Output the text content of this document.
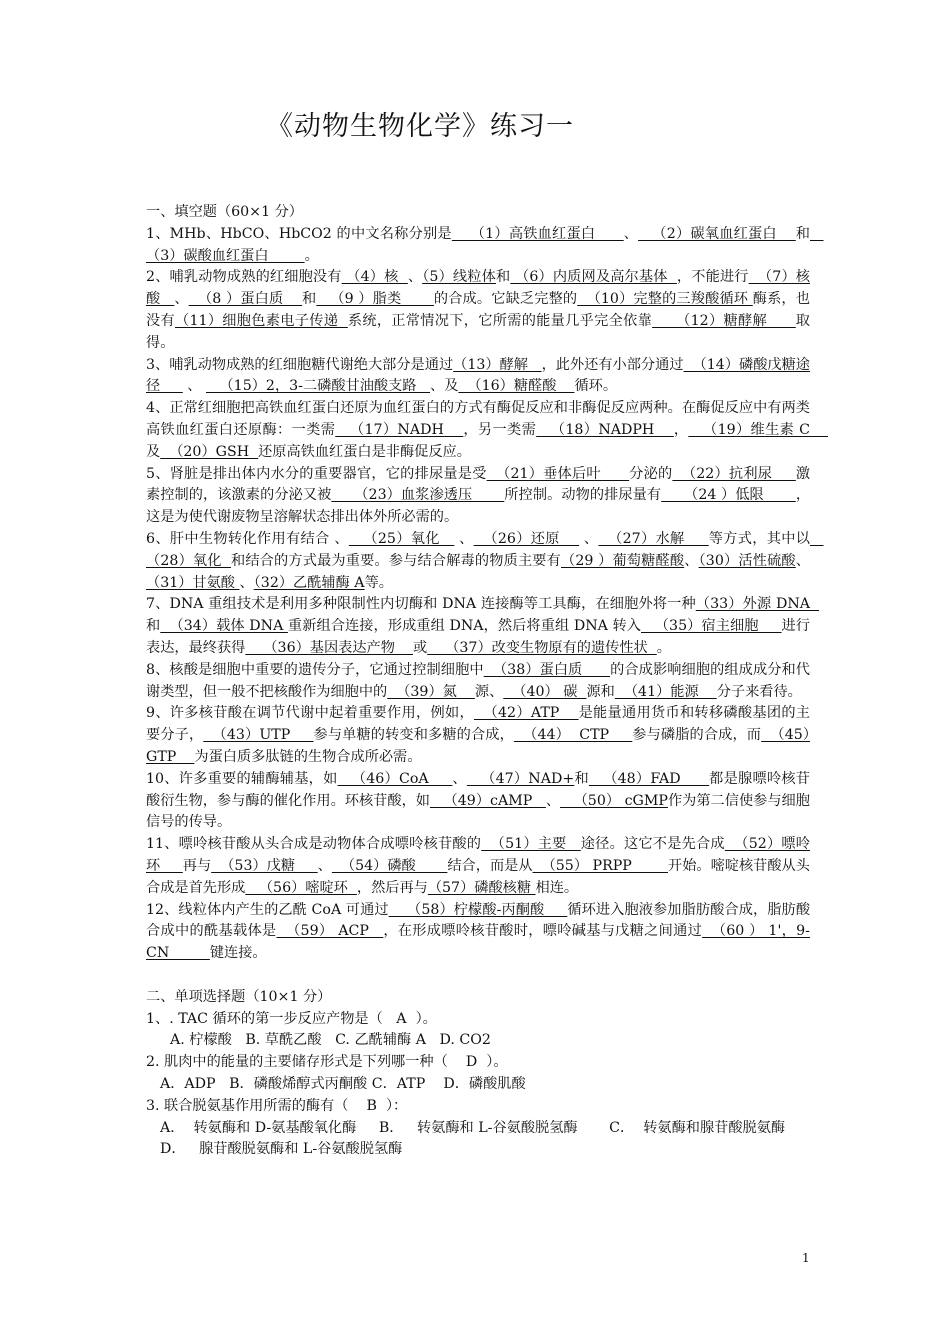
《动物生物化学》练习一

一、填空题（60×1 分）

1、MHb、HbCO、HbCO2 的中文名称分别是    （1）高铁血红蛋白      、   （2）碳氧血红蛋白    和   （3）碳酸血红蛋白        。

2、哺乳动物成熟的红细胞没有 （4）核  、（5）线粒体和 （6）内质网及高尔基体  ，不能进行  （7）核酸   、  （8 ）蛋白质    和   （9 ）脂类       的合成。它缺乏完整的  （10）完整的三羧酸循环 酶系，也没有（11）细胞色素电子传递  系统，正常情况下，它所需的能量几乎完全依靠     （12）糖酵解      取得。

3、哺乳动物成熟的红细胞糖代谢绝大部分是通过（13）酵解   ，此外还有小部分通过  （14）磷酸戊糖途径      、    （15）2，3-二磷酸甘油酸支路   、及  （16）糖醛酸    循环。

4、正常红细胞把高铁血红蛋白还原为血红蛋白的方式有酶促反应和非酶促反应两种。在酶促反应中有两类高铁血红蛋白还原酶：一类需   （17）NADH    ，另一类需   （18）NADPH    ，   （19）维生素 C    及  （20）GSH  还原高铁血红蛋白是非酶促反应。

5、肾脏是排出体内水分的重要器官，它的排尿量是受  （21）垂体后叶      分泌的  （22）抗利尿     激素控制的，该激素的分泌又被     （23）血浆渗透压       所控制。动物的排尿量有     （24 ）低限       ，这是为使代谢废物呈溶解状态排出体外所必需的。

6、肝中生物转化作用有结合 、   （25）氧化    、  （26）还原     、  （27）水解     等方式，其中以   （28）氧化  和结合的方式最为重要。参与结合解毒的物质主要有（29 ）葡萄糖醛酸、（30）活性硫酸、（31）甘氨酸 、（32）乙酰辅酶 A等。

7、DNA 重组技术是利用多种限制性内切酶和 DNA 连接酶等工具酶，在细胞外将一种（33）外源 DNA  和  （34）载体 DNA 重新组合连接，形成重组 DNA，然后将重组 DNA 转入   （35）宿主细胞     进行表达，最终获得    （36）基因表达产物    或    （37）改变生物原有的遗传性状  。

8、核酸是细胞中重要的遗传分子，它通过控制细胞中  （38）蛋白质      的合成影响细胞的组成成分和代谢类型，但一般不把核酸作为细胞中的  （39）氮    源、  （40） 碳  源和  （41）能源    分子来看待。

9、许多核苷酸在调节代谢中起着重要作用，例如，  （42）ATP    是能量通用货币和转移磷酸基团的主要分子，  （43）UTP     参与单糖的转变和多糖的合成，  （44）  CTP     参与磷脂的合成，而  （45）GTP    为蛋白质多肽链的生物合成所必需。

10、许多重要的辅酶辅基，如   （46）CoA     、   （47）NAD+和   （48）FAD      都是腺嘌呤核苷酸衍生物，参与酶的催化作用。环核苷酸，如   （49）cAMP   、   （50） cGMP作为第二信使参与细胞信号的传导。

11、嘌呤核苷酸从头合成是动物体合成嘌呤核苷酸的  （51）主要   途径。这它不是先合成  （52）嘌呤环     再与  （53）戊糖     、  （54）磷酸       结合，而是从  （55） PRPP        开始。嘧啶核苷酸从头合成是首先形成   （56）嘧啶环  ，然后再与（57）磷酸核糖 相连。

12、线粒体内产生的乙酰 CoA 可通过    （58）柠檬酸-丙酮酸     循环进入胞液参加脂肪酸合成，脂肪酸合成中的酰基载体是  （59） ACP   ，在形成嘌呤核苷酸时，嘌呤碱基与戊糖之间通过  （60 ） 1'，9-CN         键连接。

二、单项选择题（10×1 分）

1、. TAC 循环的第一步反应产物是（   A  ）。

A. 柠檬酸   B. 草酰乙酸   C. 乙酰辅酶 A   D. CO2

2. 肌肉中的能量的主要储存形式是下列哪一种（    D  ）。

A．ADP   B．磷酸烯醇式丙酮酸 C．ATP    D．磷酸肌酸

3. 联合脱氨基作用所需的酶有（    B  ）：

A．  转氨酶和 D-氨基酸氧化酶     B．   转氨酶和 L-谷氨酸脱氢酶       C．  转氨酶和腺苷酸脱氨酶     D．   腺苷酸脱氨酶和 L-谷氨酸脱氢酶

1
